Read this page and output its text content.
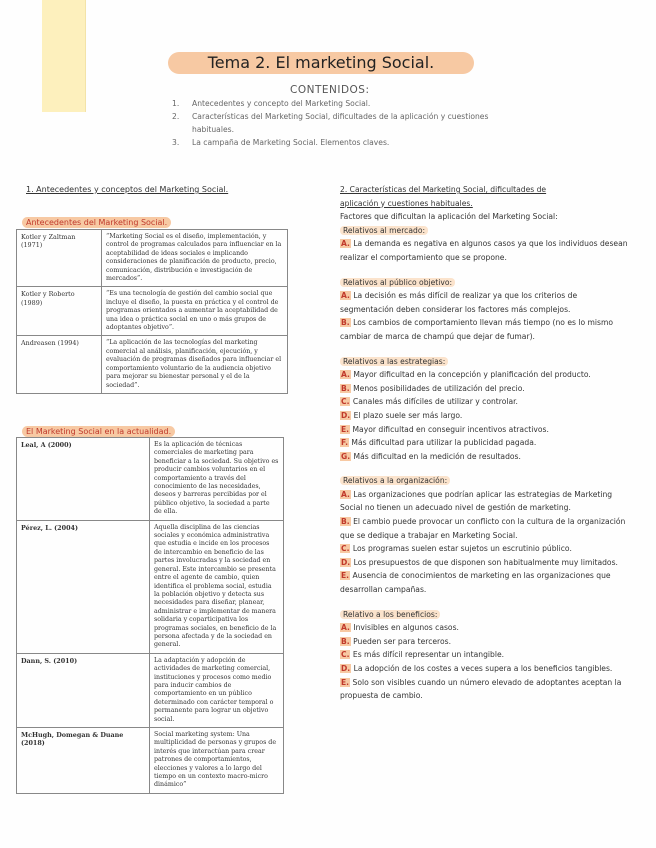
Tema 2. El marketing Social.
CONTENIDOS:
1. Antecedentes y concepto del Marketing Social.
2. Características del Marketing Social, dificultades de la aplicación y cuestiones habituales.
3. La campaña de Marketing Social. Elementos claves.
1. Antecedentes y conceptos del Marketing Social.
Antecedentes del Marketing Social.
Kotler y Zaltman (1971)	“Marketing Social es el diseño, implementación, y control de programas calculados para influenciar en la aceptabilidad de ideas sociales e implicando consideraciones de planificación de producto, precio, comunicación, distribución e investigación de mercados”.
Kotler y Roberto (1989)	“Es una tecnología de gestión del cambio social que incluye el diseño, la puesta en práctica y el control de programas orientados a aumentar la aceptabilidad de una idea o práctica social en uno o más grupos de adoptantes objetivo”.
Andreasen (1994)	“La aplicación de las tecnologías del marketing comercial al análisis, planificación, ejecución, y evaluación de programas diseñados para influenciar el comportamiento voluntario de la audiencia objetivo para mejorar su bienestar personal y el de la sociedad”.
El Marketing Social en la actualidad.
Leal, A (2000)	Es la aplicación de técnicas comerciales de marketing para beneficiar a la sociedad. Su objetivo es producir cambios voluntarios en el comportamiento a través del conocimiento de las necesidades, deseos y barreras percibidas por el público objetivo, la sociedad a parte de ella.
Pérez, L. (2004)	Aquella disciplina de las ciencias sociales y económica administrativa que estudia e incide en los procesos de intercambio en beneficio de las partes involucradas y la sociedad en general. Este intercambio se presenta entre el agente de cambio, quien identifica el problema social, estudia la población objetivo y detecta sus necesidades para diseñar, planear, administrar e implementar de manera solidaria y coparticipativa los programas sociales, en beneficio de la persona afectada y de la sociedad en general.
Dann, S. (2010)	La adaptación y adopción de actividades de marketing comercial, instituciones y procesos como medio para inducir cambios de comportamiento en un público determinado con carácter temporal o permanente para lograr un objetivo social.
McHugh, Domegan & Duane (2018)	Social marketing system: Una multiplicidad de personas y grupos de interés que interactúan para crear patrones de comportamientos, elecciones y valores a lo largo del tiempo en un contexto macro-micro dinámico”
2. Características del Marketing Social, dificultades de
aplicación y cuestiones habituales.
Factores que dificultan la aplicación del Marketing Social:
Relativos al mercado:
A. La demanda es negativa en algunos casos ya que los individuos desean realizar el comportamiento que se propone.
Relativos al público objetivo:
A. La decisión es más difícil de realizar ya que los criterios de segmentación deben considerar los factores más complejos.
B. Los cambios de comportamiento llevan más tiempo (no es lo mismo cambiar de marca de champú que dejar de fumar).
Relativos a las estrategias:
A. Mayor dificultad en la concepción y planificación del producto.
B. Menos posibilidades de utilización del precio.
C. Canales más difíciles de utilizar y controlar.
D. El plazo suele ser más largo.
E. Mayor dificultad en conseguir incentivos atractivos.
F. Más dificultad para utilizar la publicidad pagada.
G. Más dificultad en la medición de resultados.
Relativos a la organización:
A. Las organizaciones que podrían aplicar las estrategias de Marketing Social no tienen un adecuado nivel de gestión de marketing.
B. El cambio puede provocar un conflicto con la cultura de la organización que se dedique a trabajar en Marketing Social.
C. Los programas suelen estar sujetos un escrutinio público.
D. Los presupuestos de que disponen son habitualmente muy limitados.
E. Ausencia de conocimientos de marketing en las organizaciones que desarrollan campañas.
Relativo a los beneficios:
A. Invisibles en algunos casos.
B. Pueden ser para terceros.
C. Es más difícil representar un intangible.
D. La adopción de los costes a veces supera a los beneficios tangibles.
E. Solo son visibles cuando un número elevado de adoptantes aceptan la propuesta de cambio.
